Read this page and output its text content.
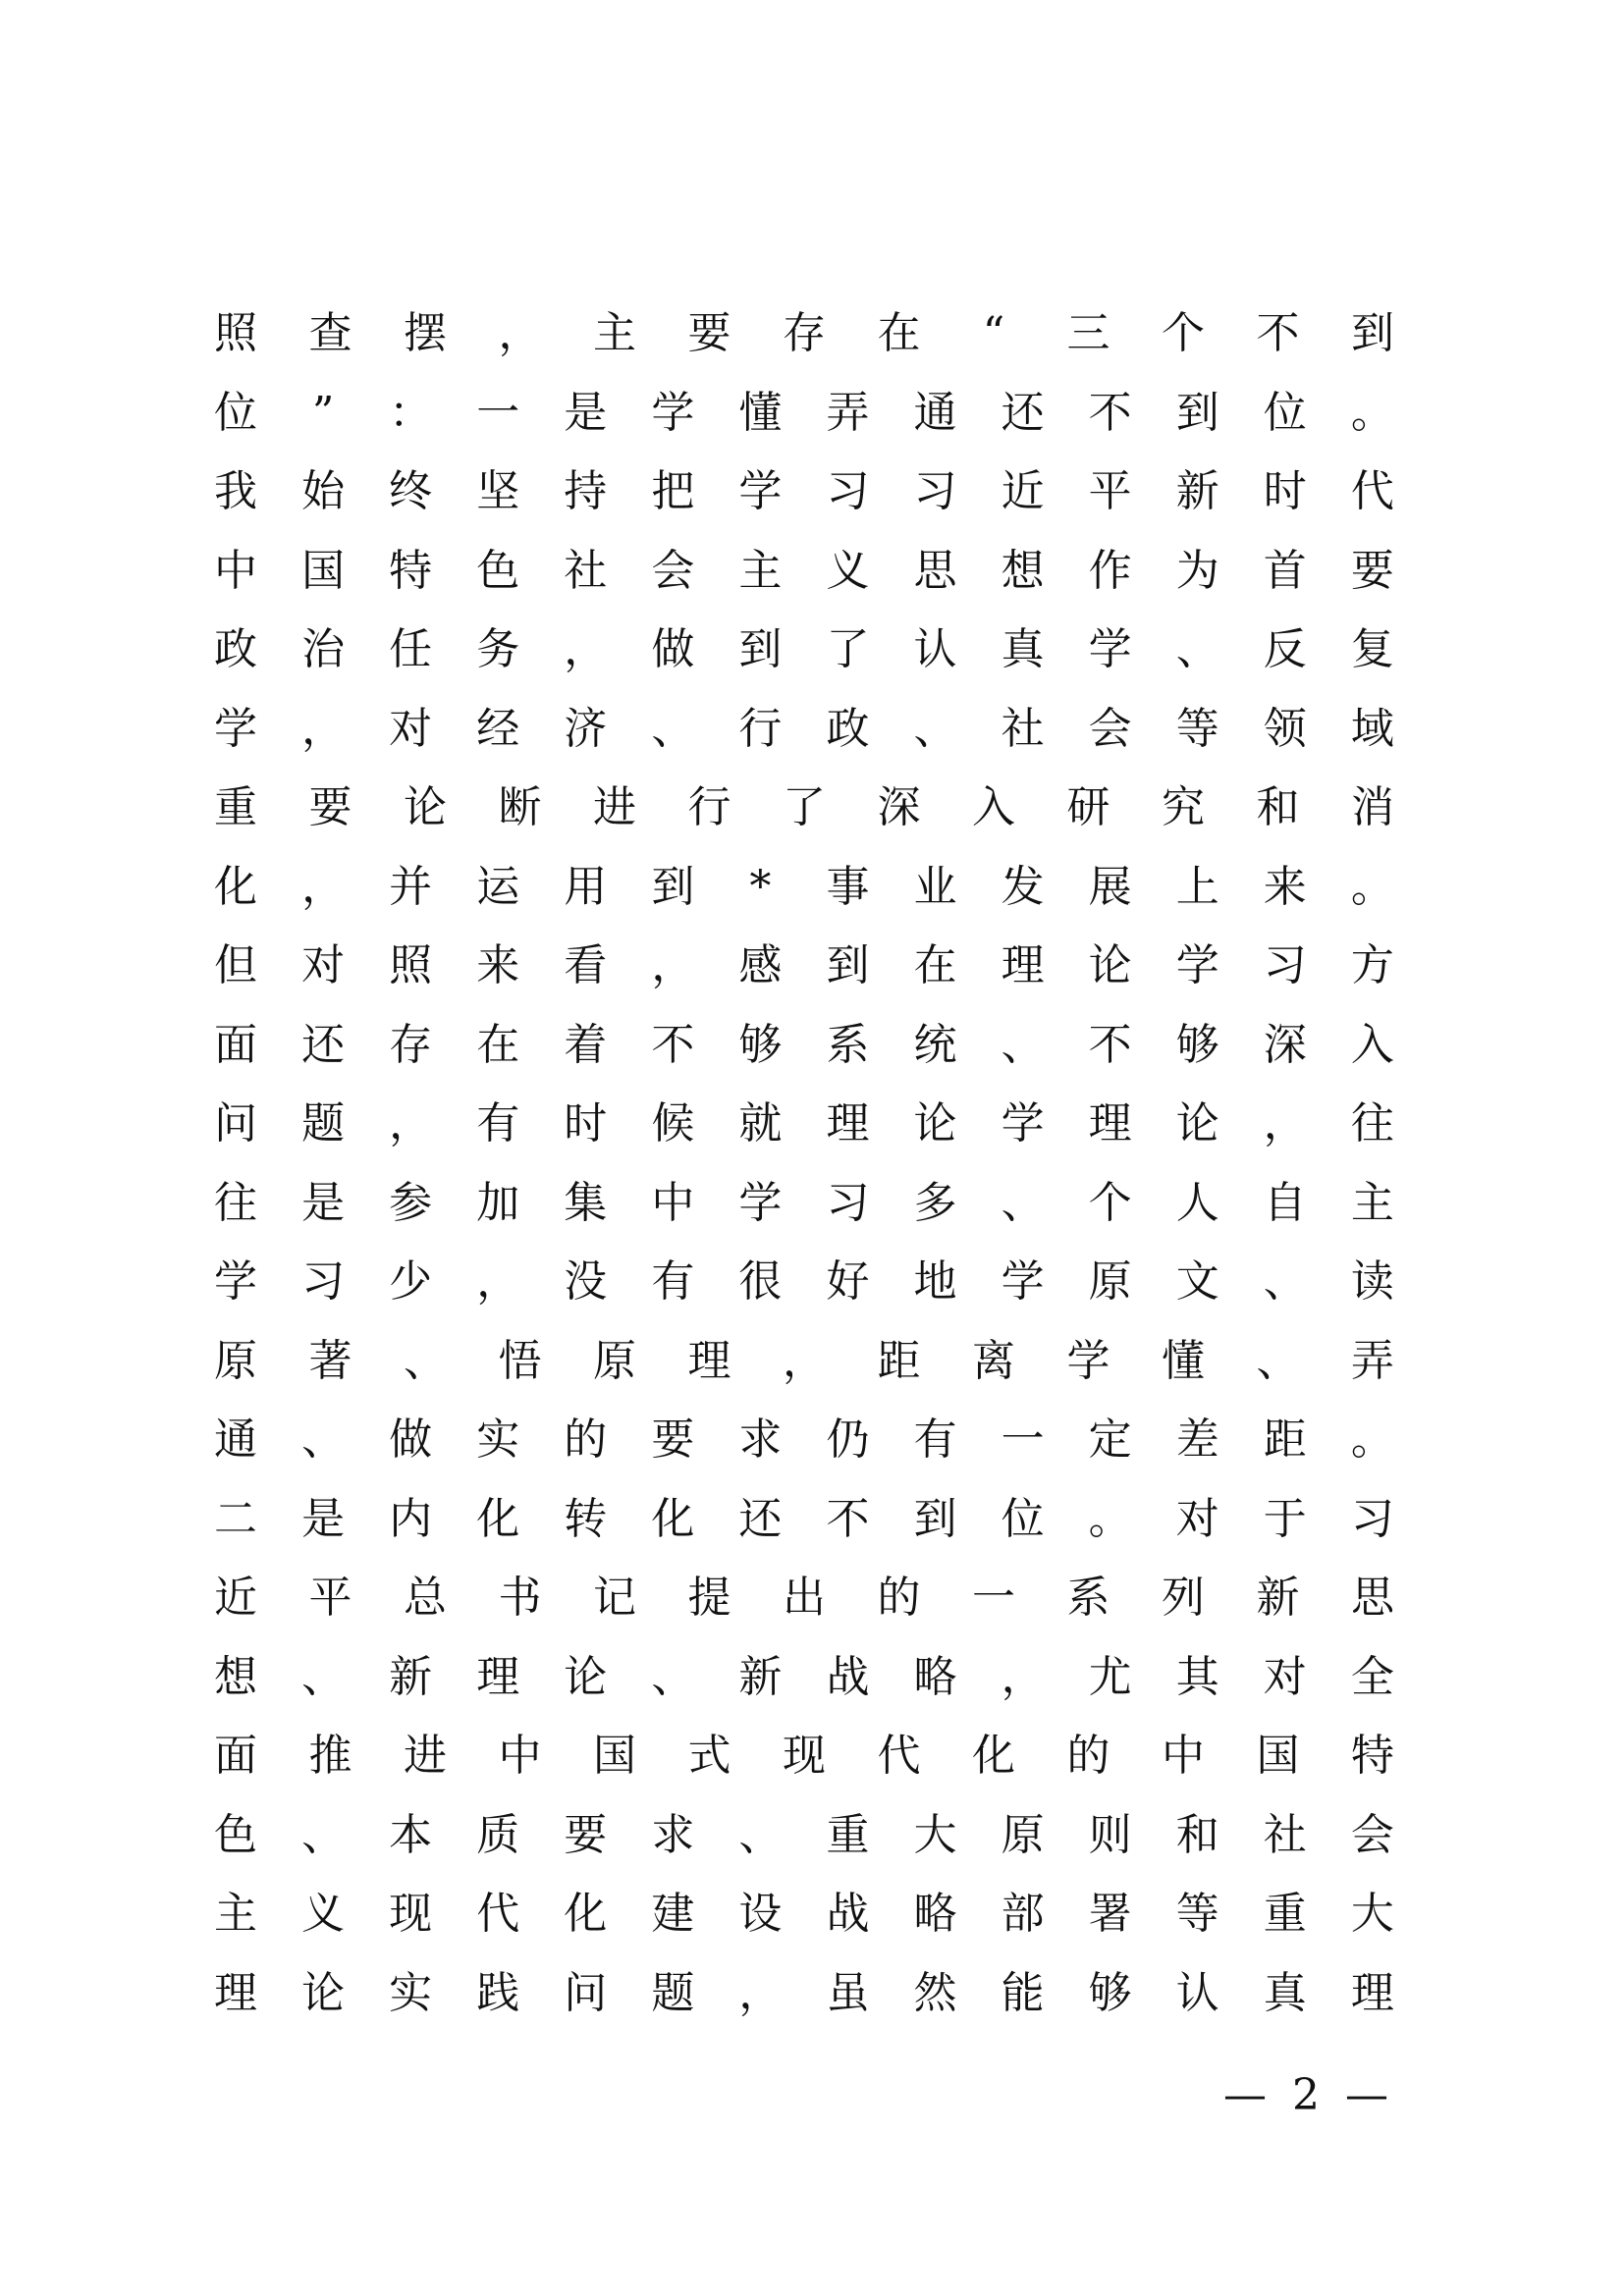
照 查 摆 ， 主 要 存 在 “ 三 个 不 到
位 ” ： 一 是 学 懂 弄 通 还 不 到 位 。
我 始 终 坚 持 把 学 习 习 近 平 新 时 代
中 国 特 色 社 会 主 义 思 想 作 为 首 要
政 治 任 务 ， 做 到 了 认 真 学 、 反 复
学 ， 对 经 济 、 行 政 、 社 会 等 领 域
重 要 论 断 进 行 了 深 入 研 究 和 消
化 ， 并 运 用 到 * 事 业 发 展 上 来 。
但 对 照 来 看 ， 感 到 在 理 论 学 习 方
面 还 存 在 着 不 够 系 统 、 不 够 深 入
问 题 ， 有 时 候 就 理 论 学 理 论 ， 往
往 是 参 加 集 中 学 习 多 、 个 人 自 主
学 习 少 ， 没 有 很 好 地 学 原 文 、 读
原 著 、 悟 原 理 ， 距 离 学 懂 、 弄
通 、 做 实 的 要 求 仍 有 一 定 差 距 。
二 是 内 化 转 化 还 不 到 位 。 对 于 习
近 平 总 书 记 提 出 的 一 系 列 新 思
想 、 新 理 论 、 新 战 略 ， 尤 其 对 全
面 推 进 中 国 式 现 代 化 的 中 国 特
色 、 本 质 要 求 、 重 大 原 则 和 社 会
主 义 现 代 化 建 设 战 略 部 署 等 重 大
理 论 实 践 问 题 ， 虽 然 能 够 认 真 理
— 2 —
